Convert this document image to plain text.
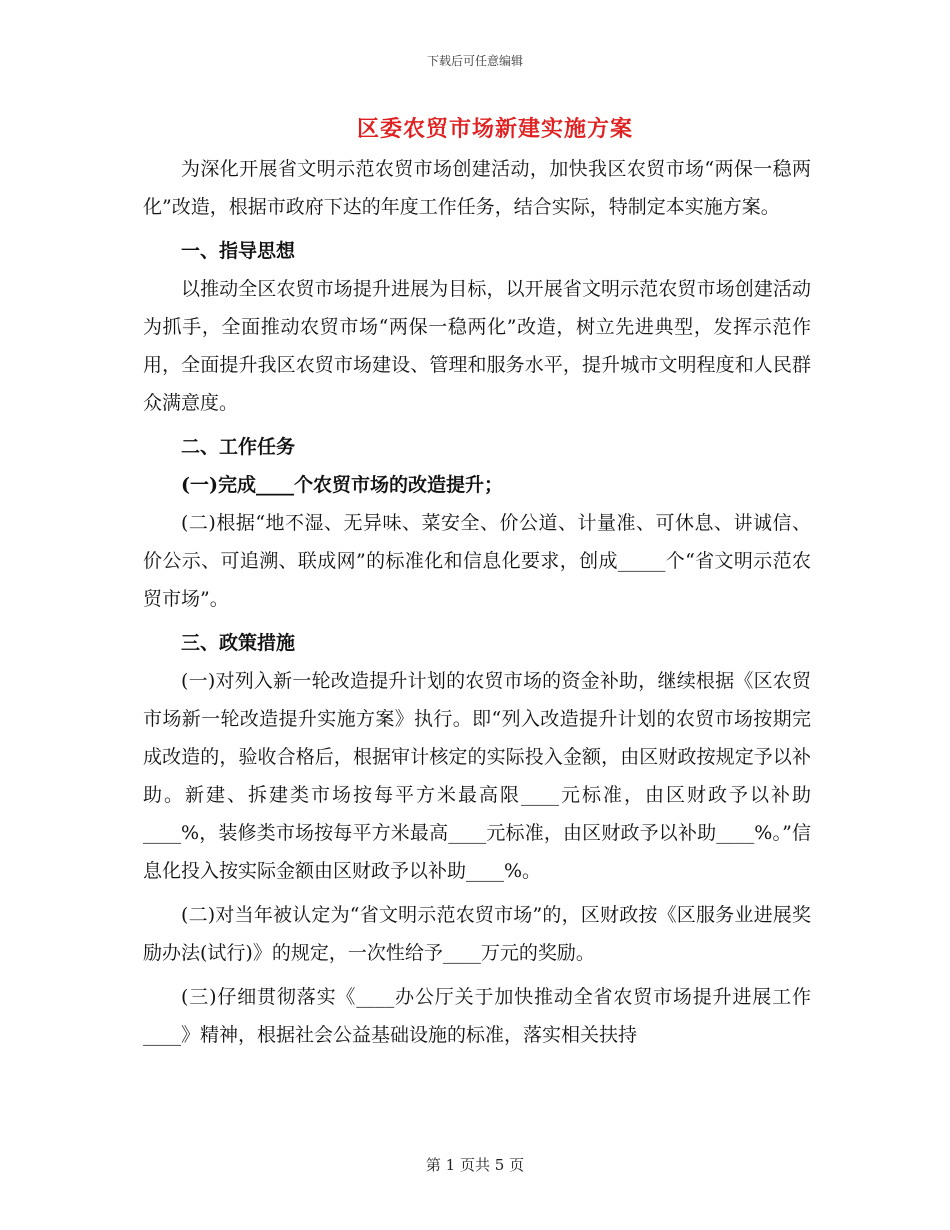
下载后可任意编辑
区委农贸市场新建实施方案

为深化开展省文明示范农贸市场创建活动，加快我区农贸市场“两保一稳两化”改造，根据市政府下达的年度工作任务，结合实际，特制定本实施方案。

一、指导思想

以推动全区农贸市场提升进展为目标，以开展省文明示范农贸市场创建活动为抓手，全面推动农贸市场“两保一稳两化”改造，树立先进典型，发挥示范作用，全面提升我区农贸市场建设、管理和服务水平，提升城市文明程度和人民群众满意度。

二、工作任务
(一)完成____个农贸市场的改造提升；

(二)根据“地不湿、无异味、菜安全、价公道、计量准、可休息、讲诚信、价公示、可追溯、联成网”的标准化和信息化要求，创成_____个“省文明示范农贸市场”。

三、政策措施

(一)对列入新一轮改造提升计划的农贸市场的资金补助，继续根据《区农贸市场新一轮改造提升实施方案》执行。即“列入改造提升计划的农贸市场按期完成改造的，验收合格后，根据审计核定的实际投入金额，由区财政按规定予以补助。新建、拆建类市场按每平方米最高限____元标准，由区财政予以补助____%，装修类市场按每平方米最高____元标准，由区财政予以补助____%。”信息化投入按实际金额由区财政予以补助____%。

(二)对当年被认定为“省文明示范农贸市场”的，区财政按《区服务业进展奖励办法(试行)》的规定，一次性给予____万元的奖励。

(三)仔细贯彻落实《____办公厅关于加快推动全省农贸市场提升进展工作____》精神，根据社会公益基础设施的标准，落实相关扶持

第 1 页共 5 页
